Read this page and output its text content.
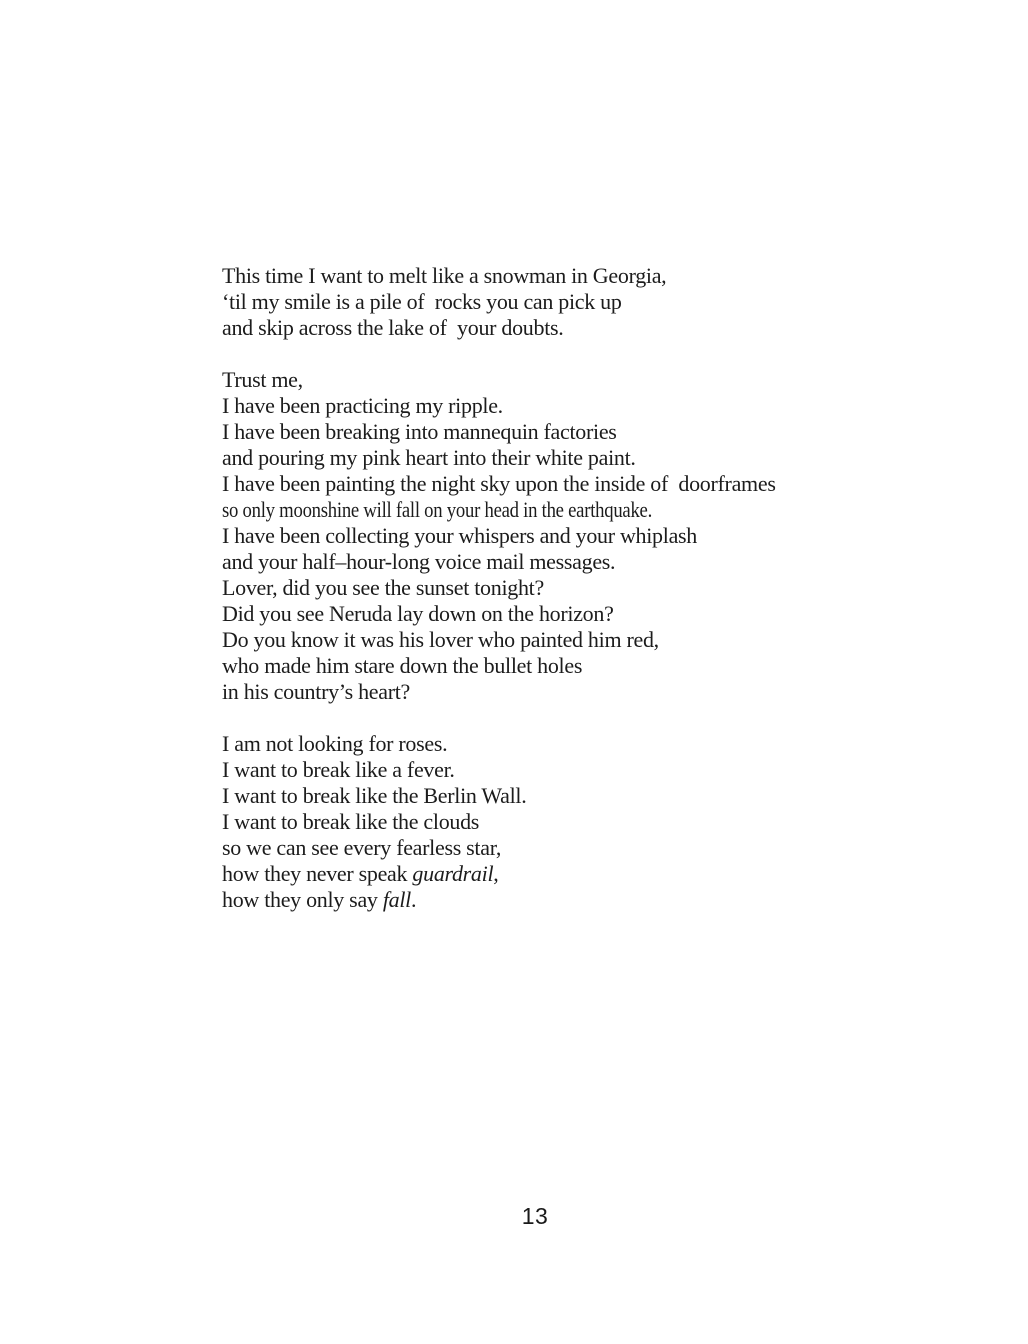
This time I want to melt like a snowman in Georgia,
‘til my smile is a pile of  rocks you can pick up
and skip across the lake of  your doubts.
Trust me,
I have been practicing my ripple.
I have been breaking into mannequin factories
and pouring my pink heart into their white paint.
I have been painting the night sky upon the inside of  doorframes
so only moonshine will fall on your head in the earthquake.
I have been collecting your whispers and your whiplash
and your half–hour-long voice mail messages.
Lover, did you see the sunset tonight?
Did you see Neruda lay down on the horizon?
Do you know it was his lover who painted him red,
who made him stare down the bullet holes
in his country’s heart?
I am not looking for roses.
I want to break like a fever.
I want to break like the Berlin Wall.
I want to break like the clouds
so we can see every fearless star,
how they never speak guardrail,
how they only say fall.
13
